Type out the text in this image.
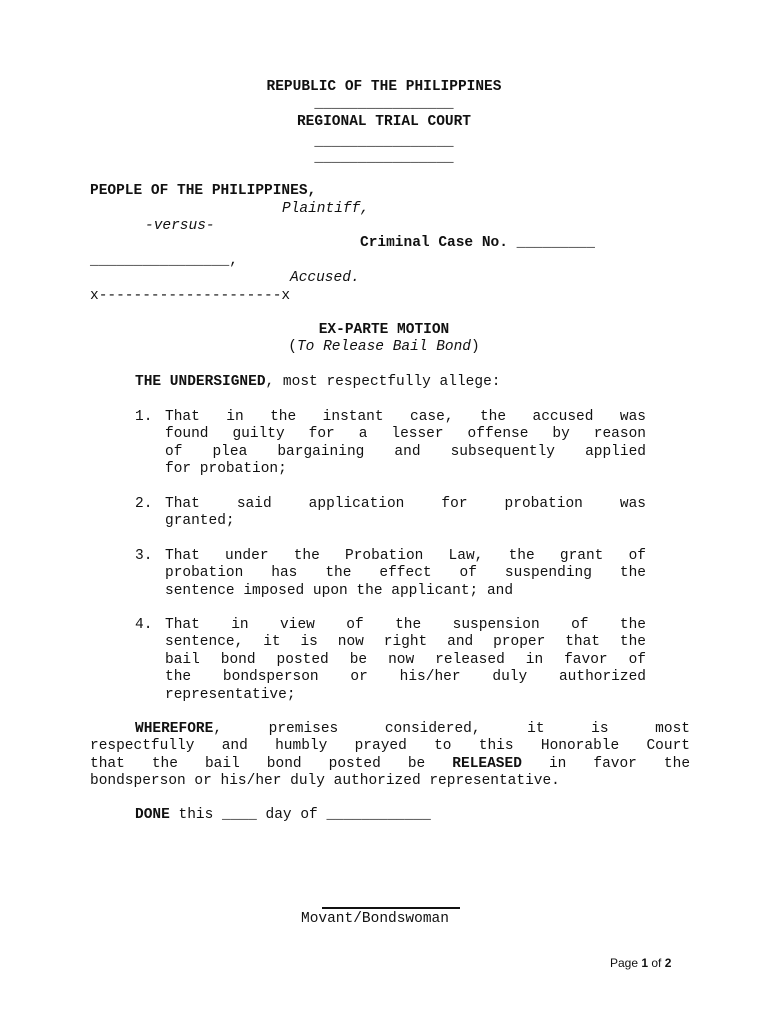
REPUBLIC OF THE PHILIPPINES
________________
REGIONAL TRIAL COURT
________________
________________
PEOPLE OF THE PHILIPPINES,
Plaintiff,
-versus-
Criminal Case No. _________
________________,
Accused.
x---------------------x
EX-PARTE MOTION
(To Release Bail Bond)
THE UNDERSIGNED, most respectfully allege:
1. That in the instant case, the accused was
found guilty for a lesser offense by reason
of plea bargaining and subsequently applied
for probation;
2. That said application for probation was
granted;
3. That under the Probation Law, the grant of
probation has the effect of suspending the
sentence imposed upon the applicant; and
4. That in view of the suspension of the
sentence, it is now right and proper that the
bail bond posted be now released in favor of
the bondsperson or his/her duly authorized
representative;
WHEREFORE, premises considered, it is most
respectfully and humbly prayed to this Honorable Court
that the bail bond posted be RELEASED in favor the
bondsperson or his/her duly authorized representative.
DONE this ____ day of ____________
Movant/Bondswoman
Page 1 of 2
